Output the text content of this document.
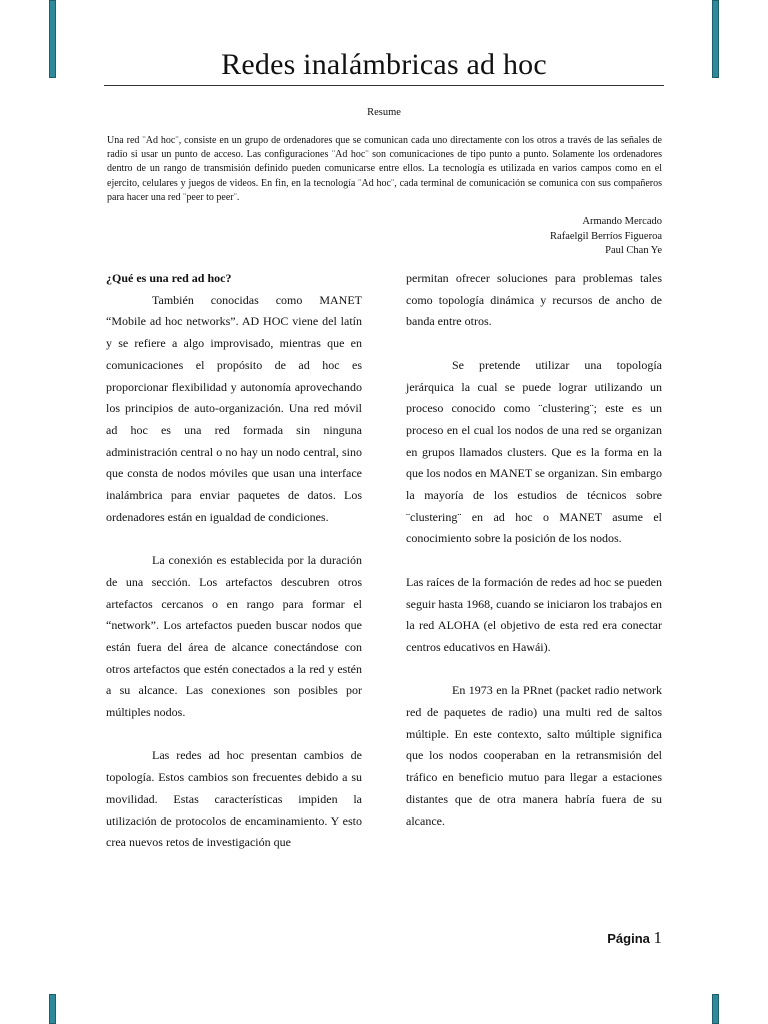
Redes inalámbricas ad hoc
Resume
Una red ¨Ad hoc¨, consiste en un grupo de ordenadores que se comunican cada uno directamente con los otros a través de las señales de radio si usar un punto de acceso. Las configuraciones ¨Ad hoc¨ son comunicaciones de tipo punto a punto. Solamente los ordenadores dentro de un rango de transmisión definido pueden comunicarse entre ellos. La tecnología es utilizada en varios campos como en el ejercito, celulares y juegos de videos. En fin, en la tecnología ¨Ad hoc¨, cada terminal de comunicación se comunica con sus compañeros para hacer una red ¨peer to peer¨.
Armando Mercado
Rafaelgil Berríos Figueroa
Paul Chan Ye

¿Qué es una red ad hoc?

También conocidas como MANET “Mobile ad hoc networks”. AD HOC viene del latín y se refiere a algo improvisado, mientras que en comunicaciones el propósito de ad hoc es proporcionar flexibilidad y autonomía aprovechando los principios de auto-organización. Una red móvil ad hoc es una red formada sin ninguna administración central o no hay un nodo central, sino que consta de nodos móviles que usan una interface inalámbrica para enviar paquetes de datos. Los ordenadores están en igualdad de condiciones.

La conexión es establecida por la duración de una sección. Los artefactos descubren otros artefactos cercanos o en rango para formar el “network”. Los artefactos pueden buscar nodos que están fuera del área de alcance conectándose con otros artefactos que estén conectados a la red y estén a su alcance. Las conexiones son posibles por múltiples nodos.

Las redes ad hoc presentan cambios de topología. Estos cambios son frecuentes debido a su movilidad. Estas características impiden la utilización de protocolos de encaminamiento. Y esto crea nuevos retos de investigación que

permitan ofrecer soluciones para problemas tales como topología dinámica y recursos de ancho de banda entre otros.

Se pretende utilizar una topología jerárquica la cual se puede lograr utilizando un proceso conocido como ¨clustering¨; este es un proceso en el cual los nodos de una red se organizan en grupos llamados clusters. Que es la forma en la que los nodos en MANET se organizan. Sin embargo la mayoría de los estudios de técnicos sobre ¨clustering¨ en ad hoc o MANET asume el conocimiento sobre la posición de los nodos.

Las raíces de la formación de redes ad hoc se pueden seguir hasta 1968, cuando se iniciaron los trabajos en la red ALOHA (el objetivo de esta red era conectar centros educativos en Hawái).

En 1973 en la PRnet (packet radio network red de paquetes de radio) una multi red de saltos múltiple. En este contexto, salto múltiple significa que los nodos cooperaban en la retransmisión del tráfico en beneficio mutuo para llegar a estaciones distantes que de otra manera habría fuera de su alcance.

Página 1
